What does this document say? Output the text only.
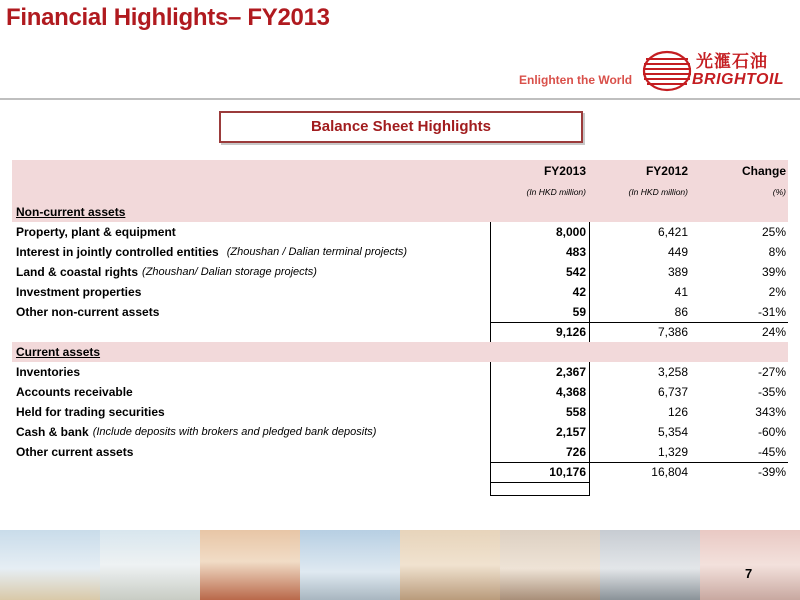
Financial Highlights– FY2013
Enlighten the World
光滙石油
BRIGHTOIL
Balance Sheet Highlights
FY2013	FY2012	Change
(In HKD million)	(In HKD million)	(%)
Non-current assets
Property, plant & equipment	8,000	6,421	25%
Interest in jointly controlled entities (Zhoushan / Dalian terminal projects)	483	449	8%
Land & coastal rights (Zhoushan/ Dalian storage projects)	542	389	39%
Investment properties	42	41	2%
Other non-current assets	59	86	-31%
9,126	7,386	24%
Current assets
Inventories	2,367	3,258	-27%
Accounts receivable	4,368	6,737	-35%
Held for trading securities	558	126	343%
Cash & bank (Include deposits with brokers and pledged bank deposits)	2,157	5,354	-60%
Other current assets	726	1,329	-45%
10,176	16,804	-39%
7
